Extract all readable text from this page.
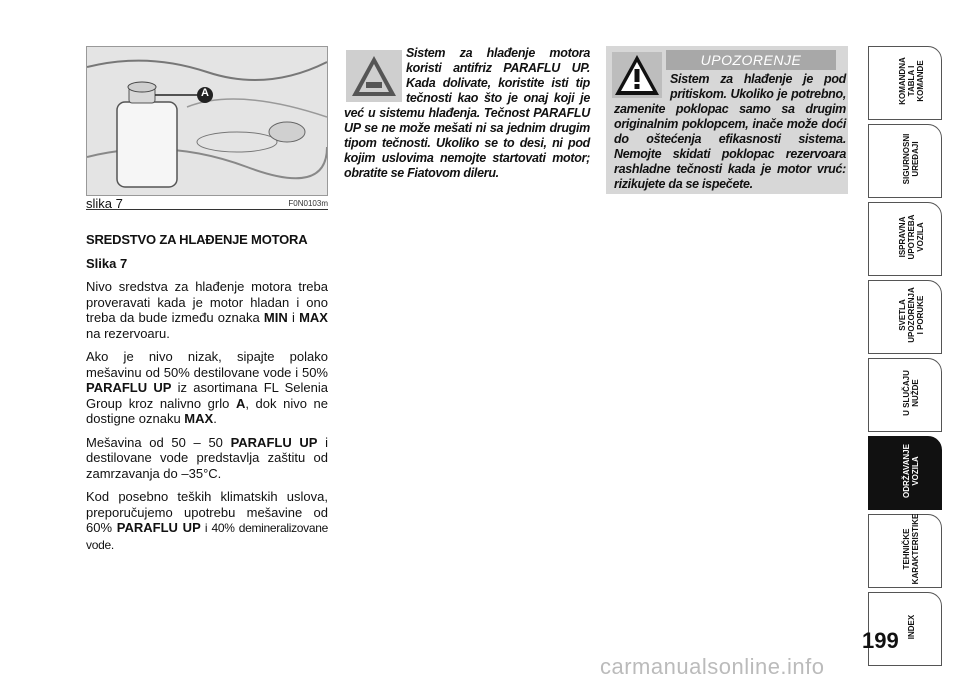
A
slika 7	F0N0103m

SREDSTVO ZA HLAĐENJE MOTORA

Slika 7

Nivo sredstva za hlađenje motora treba proveravati kada je motor hladan i ono treba da bude između oznaka MIN i MAX na rezervoaru.

Ako je nivo nizak, sipajte polako mešavinu od 50% destilovane vode i 50% PARAFLU UP iz asortimana FL Selenia Group kroz nalivno grlo A, dok nivo ne dostigne oznaku MAX.

Mešavina od 50 – 50 PARAFLU UP i destilovane vode predstavlja zaštitu od zamrzavanja do –35°C.

Kod posebno teških klimatskih uslova, preporučujemo upotrebu mešavine od 60% PARAFLU UP i 40% demineralizovane vode.

Sistem za hlađenje motora koristi antifriz PARAFLU UP. Kada dolivate, koristite isti tip tečnosti kao što je onaj koji je već u sistemu hlađenja. Tečnost PARAFLU UP se ne može mešati ni sa jednim drugim tipom tečnosti. Ukoliko se to desi, ni pod kojim uslovima nemojte startovati motor; obratite se Fiatovom dileru.
UPOZORENJE
Sistem za hlađenje je pod pritiskom. Ukoliko je potrebno, zamenite poklopac samo sa drugim originalnim poklopcem, inače može doći do oštećenja efikasnosti sistema. Nemojte skidati poklopac rezervoara rashladne tečnosti kada je motor vruć: rizikujete da se ispečete.
KOMANDNA
TABLA I
KOMANDE
SIGURNOSNI
UREĐAJI
ISPRAVNA
UPOTREBA
VOZILA
SVETLA
UPOZORENJA
I PORUKE
U SLUČAJU
NUŽDE
ODRŽAVANJE
VOZILA
TEHNIČKE
KARAKTERISTIKE
INDEX
199
carmanualsonline.info
